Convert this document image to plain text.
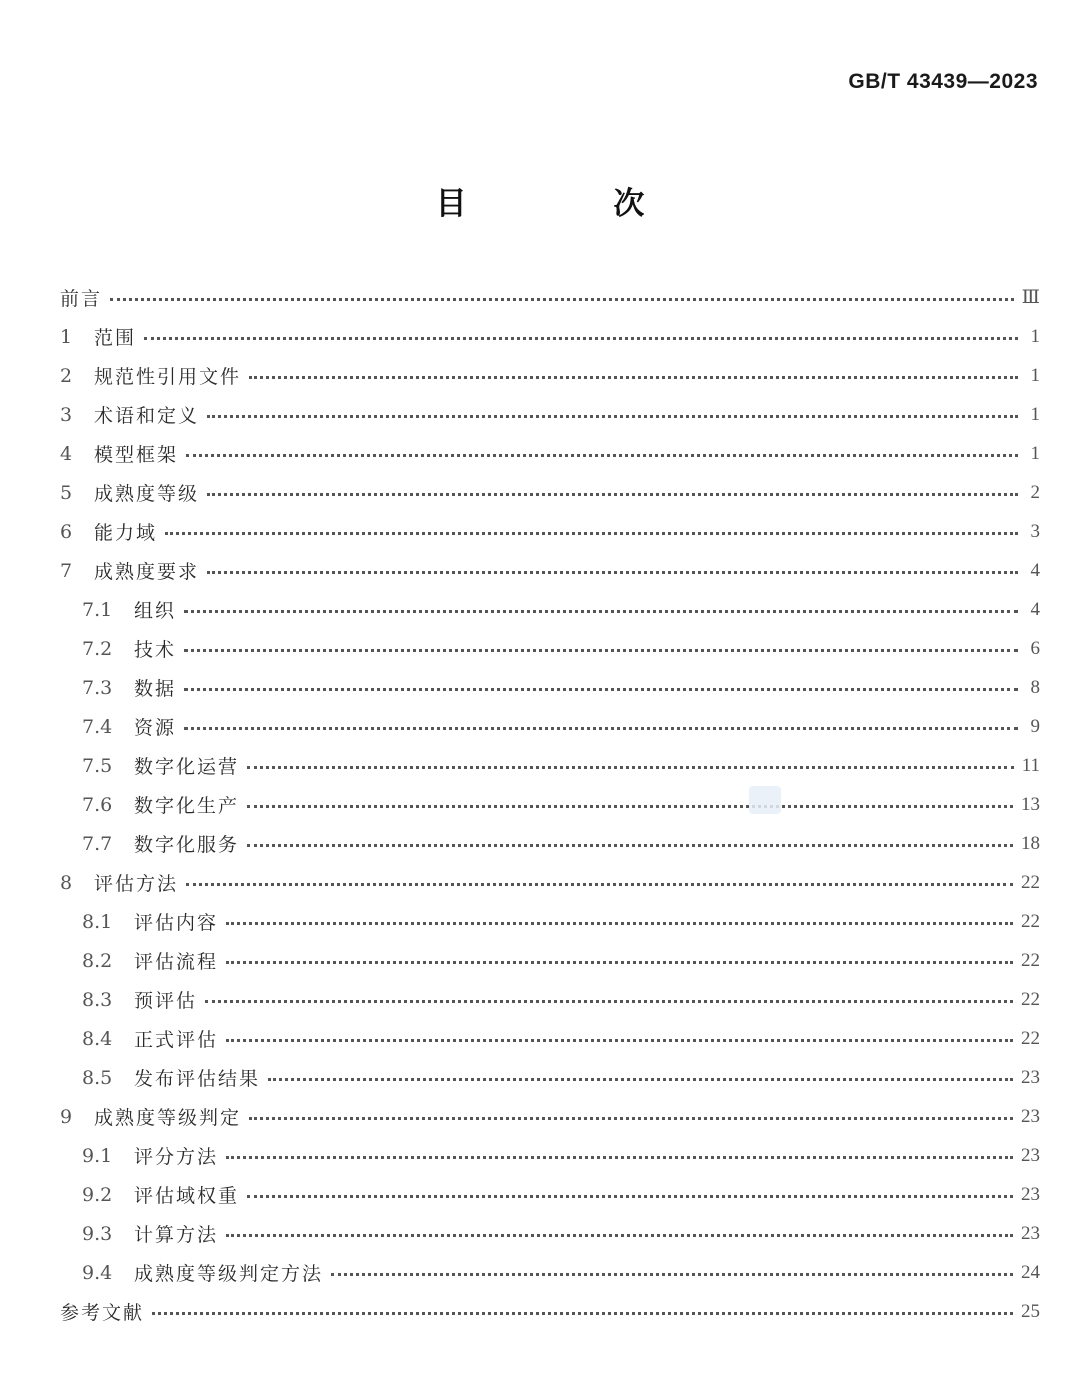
GB/T 43439—2023
目 次
前言	Ⅲ
1	范围	1
2	规范性引用文件	1
3	术语和定义	1
4	模型框架	1
5	成熟度等级	2
6	能力域	3
7	成熟度要求	4
7.1	组织	4
7.2	技术	6
7.3	数据	8
7.4	资源	9
7.5	数字化运营	11
7.6	数字化生产	13
7.7	数字化服务	18
8	评估方法	22
8.1	评估内容	22
8.2	评估流程	22
8.3	预评估	22
8.4	正式评估	22
8.5	发布评估结果	23
9	成熟度等级判定	23
9.1	评分方法	23
9.2	评估域权重	23
9.3	计算方法	23
9.4	成熟度等级判定方法	24
参考文献	25
